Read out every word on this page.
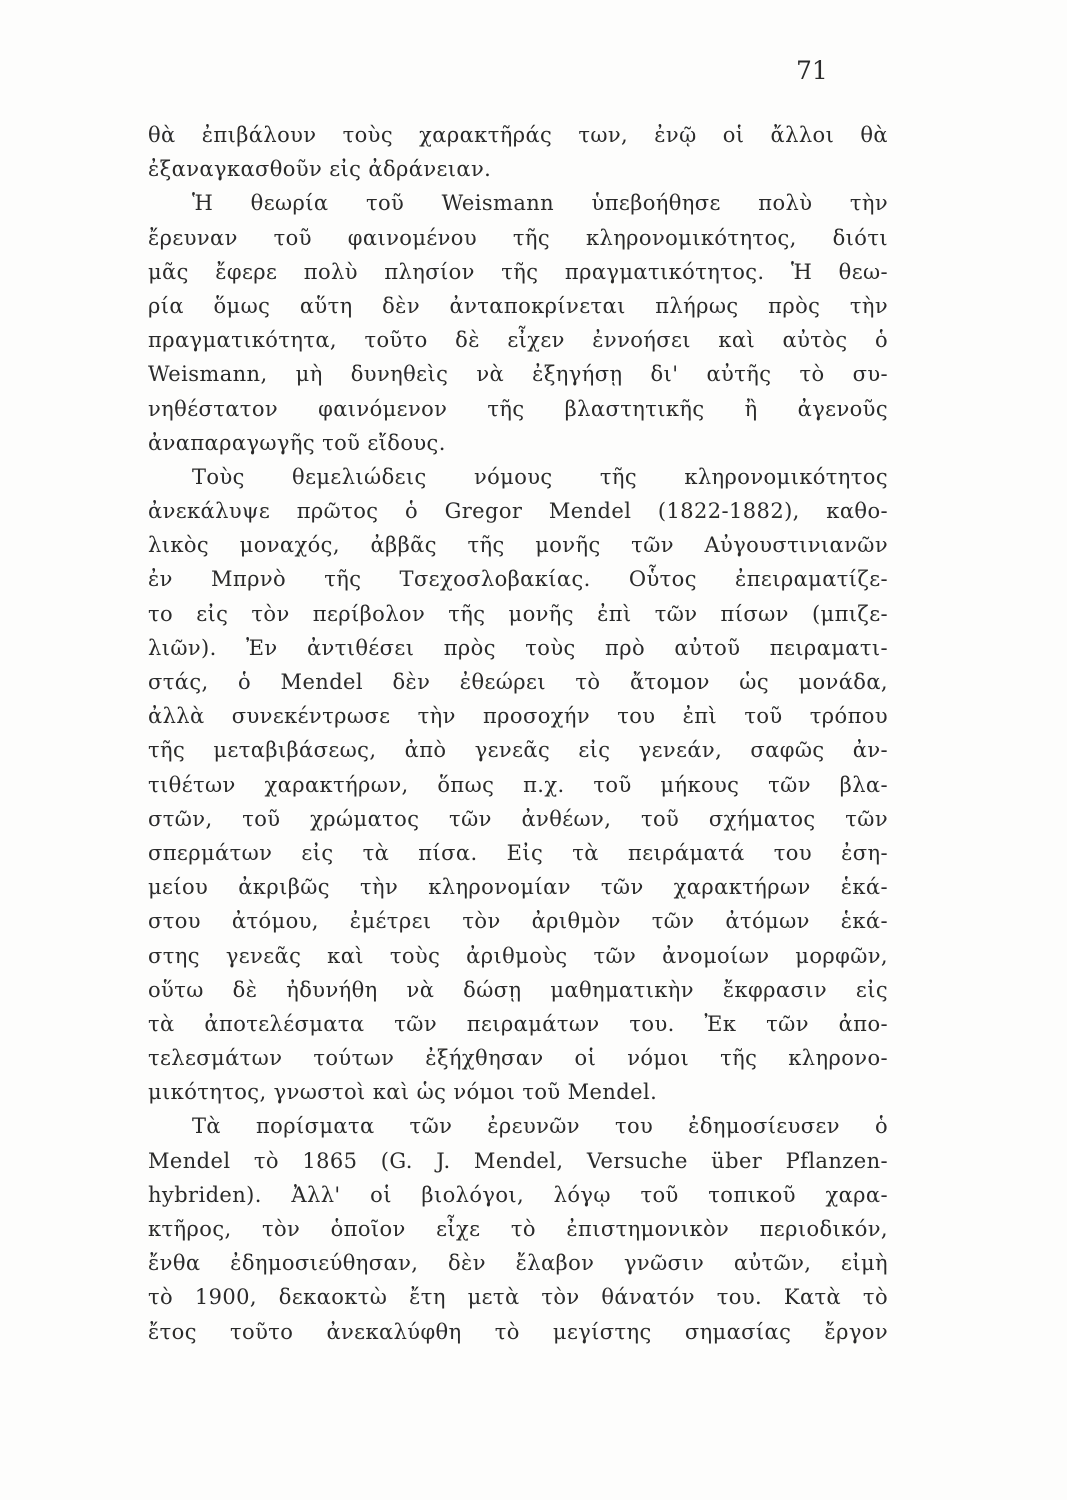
71

θὰ ἐπιβάλουν τοὺς χαρακτῆράς των, ἐνῷ οἱ ἄλλοι θὰ
ἐξαναγκασθοῦν εἰς ἀδράνειαν.
Ἡ θεωρία τοῦ Weismann ὑπεβοήθησε πολὺ τὴν
ἔρευναν τοῦ φαινομένου τῆς κληρονομικότητος, διότι
μᾶς ἔφερε πολὺ πλησίον τῆς πραγματικότητος. Ἡ θεω-
ρία ὅμως αὕτη δὲν ἀνταποκρίνεται πλήρως πρὸς τὴν
πραγματικότητα, τοῦτο δὲ εἶχεν ἐννοήσει καὶ αὐτὸς ὁ
Weismann, μὴ δυνηθεὶς νὰ ἐξηγήσῃ δι' αὐτῆς τὸ συ-
νηθέστατον φαινόμενον τῆς βλαστητικῆς ἢ ἀγενοῦς
ἀναπαραγωγῆς τοῦ εἴδους.
Τοὺς θεμελιώδεις νόμους τῆς κληρονομικότητος
ἀνεκάλυψε πρῶτος ὁ Gregor Mendel (1822-1882), καθο-
λικὸς μοναχός, ἀββᾶς τῆς μονῆς τῶν Αὐγουστινιανῶν
ἐν Μπρνὸ τῆς Τσεχοσλοβακίας. Οὗτος ἐπειραματίζε-
το εἰς τὸν περίβολον τῆς μονῆς ἐπὶ τῶν πίσων (μπιζε-
λιῶν). Ἐν ἀντιθέσει πρὸς τοὺς πρὸ αὐτοῦ πειραματι-
στάς, ὁ Mendel δὲν ἐθεώρει τὸ ἄτομον ὡς μονάδα,
ἀλλὰ συνεκέντρωσε τὴν προσοχήν του ἐπὶ τοῦ τρόπου
τῆς μεταβιβάσεως, ἀπὸ γενεᾶς εἰς γενεάν, σαφῶς ἀν-
τιθέτων χαρακτήρων, ὅπως π.χ. τοῦ μήκους τῶν βλα-
στῶν, τοῦ χρώματος τῶν ἀνθέων, τοῦ σχήματος τῶν
σπερμάτων εἰς τὰ πίσα. Εἰς τὰ πειράματά του ἐση-
μείου ἀκριβῶς τὴν κληρονομίαν τῶν χαρακτήρων ἑκά-
στου ἀτόμου, ἐμέτρει τὸν ἀριθμὸν τῶν ἀτόμων ἑκά-
στης γενεᾶς καὶ τοὺς ἀριθμοὺς τῶν ἀνομοίων μορφῶν,
οὕτω δὲ ἠδυνήθη νὰ δώσῃ μαθηματικὴν ἔκφρασιν εἰς
τὰ ἀποτελέσματα τῶν πειραμάτων του. Ἐκ τῶν ἀπο-
τελεσμάτων τούτων ἐξήχθησαν οἱ νόμοι τῆς κληρονο-
μικότητος, γνωστοὶ καὶ ὡς νόμοι τοῦ Mendel.
Τὰ πορίσματα τῶν ἐρευνῶν του ἐδημοσίευσεν ὁ
Mendel τὸ 1865 (G. J. Mendel, Versuche über Pflanzen-
hybriden). Ἀλλ' οἱ βιολόγοι, λόγῳ τοῦ τοπικοῦ χαρα-
κτῆρος, τὸν ὁποῖον εἶχε τὸ ἐπιστημονικὸν περιοδικόν,
ἔνθα ἐδημοσιεύθησαν, δὲν ἔλαβον γνῶσιν αὐτῶν, εἰμὴ
τὸ 1900, δεκαοκτὼ ἔτη μετὰ τὸν θάνατόν του. Κατὰ τὸ
ἔτος τοῦτο ἀνεκαλύφθη τὸ μεγίστης σημασίας ἔργον
